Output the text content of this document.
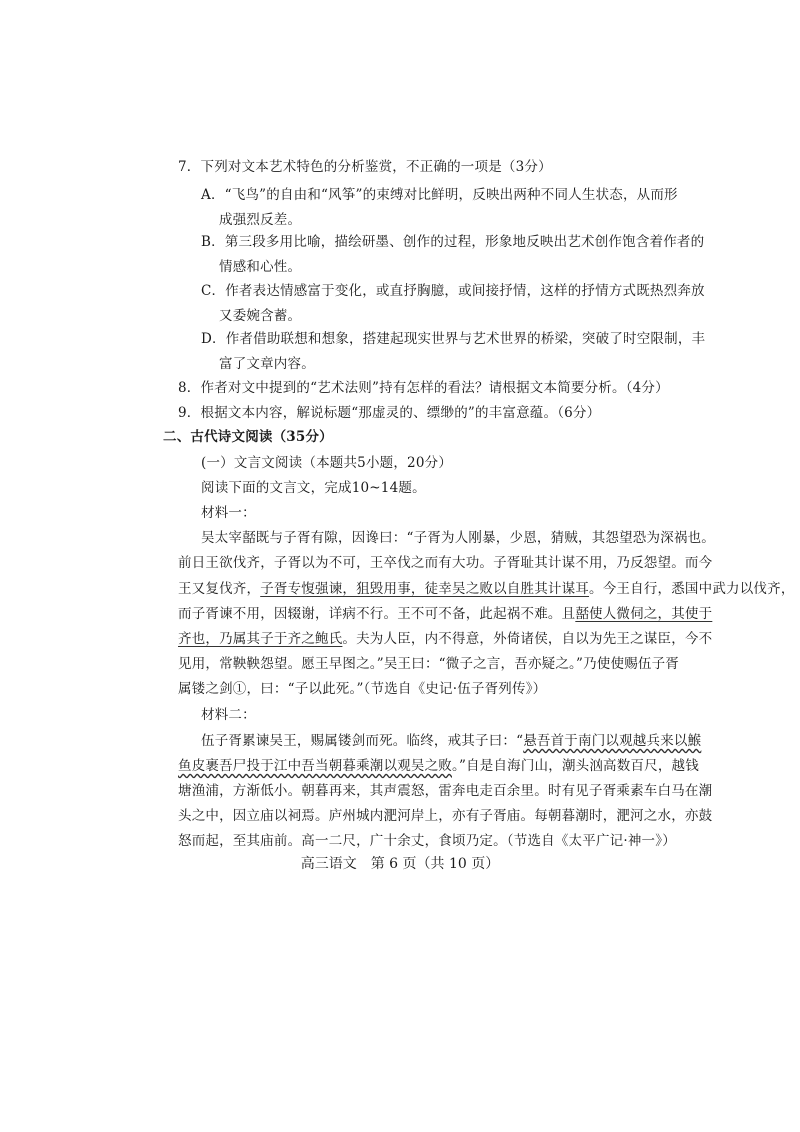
7．下列对文本艺术特色的分析鉴赏，不正确的一项是（3分）
A．“飞鸟”的自由和“风筝”的束缚对比鲜明，反映出两种不同人生状态，从而形
成强烈反差。
B．第三段多用比喻，描绘研墨、创作的过程，形象地反映出艺术创作饱含着作者的
情感和心性。
C．作者表达情感富于变化，或直抒胸臆，或间接抒情，这样的抒情方式既热烈奔放
又委婉含蓄。
D．作者借助联想和想象，搭建起现实世界与艺术世界的桥梁，突破了时空限制，丰
富了文章内容。
8．作者对文中提到的“艺术法则”持有怎样的看法？请根据文本简要分析。（4分）
9．根据文本内容，解说标题“那虚灵的、缥缈的”的丰富意蕴。（6分）
二、古代诗文阅读（35分）
(一）文言文阅读（本题共5小题，20分）
阅读下面的文言文，完成10~14题。
材料一：
吴太宰嚭既与子胥有隙，因谗曰：“子胥为人刚暴，少恩，猜贼，其怨望恐为深祸也。
前日王欲伐齐，子胥以为不可，王卒伐之而有大功。子胥耻其计谋不用，乃反怨望。而今
王又复伐齐，子胥专愎强谏，狙毁用事，徒幸吴之败以自胜其计谋耳。今王自行，悉国中武力以伐齐，
而子胥谏不用，因辍谢，详病不行。王不可不备，此起祸不难。且嚭使人微伺之，其使于
齐也，乃属其子于齐之鲍氏。夫为人臣，内不得意，外倚诸侯，自以为先王之谋臣，今不
见用，常鞅鞅怨望。愿王早图之。”吴王曰：“微子之言，吾亦疑之。”乃使使赐伍子胥
属镂之剑①，曰：“子以此死。”（节选自《史记·伍子胥列传》）
材料二：
伍子胥累谏吴王，赐属镂剑而死。临终，戒其子曰：“悬吾首于南门以观越兵来以鯸
鱼皮裹吾尸投于江中吾当朝暮乘潮以观吴之败。”自是自海门山，潮头汹高数百尺，越钱
塘渔浦，方渐低小。朝暮再来，其声震怒，雷奔电走百余里。时有见子胥乘素车白马在潮
头之中，因立庙以祠焉。庐州城内淝河岸上，亦有子胥庙。每朝暮潮时，淝河之水，亦鼓
怒而起，至其庙前。高一二尺，广十余丈，食顷乃定。（节选自《太平广记·神一》）
高三语文　第 6 页（共 10 页）
